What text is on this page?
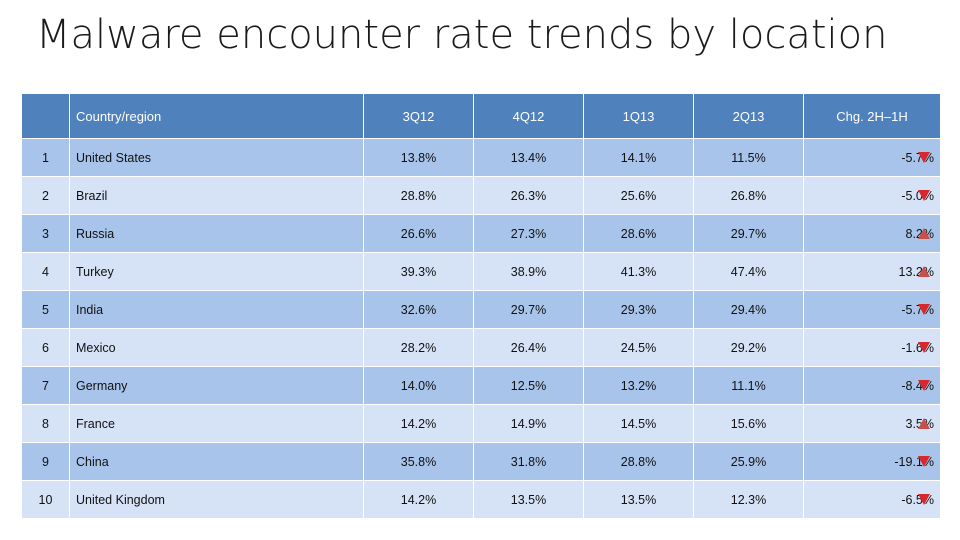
Malware encounter rate trends by location
	Country/region	3Q12	4Q12	1Q13	2Q13	Chg. 2H–1H
1	United States	13.8%	13.4%	14.1%	11.5%	-5.7%

2	Brazil	28.8%	26.3%	25.6%	26.8%	-5.0%

3	Russia	26.6%	27.3%	28.6%	29.7%	8.2%

4	Turkey	39.3%	38.9%	41.3%	47.4%	13.2%

5	India	32.6%	29.7%	29.3%	29.4%	-5.7%

6	Mexico	28.2%	26.4%	24.5%	29.2%	-1.6%

7	Germany	14.0%	12.5%	13.2%	11.1%	-8.4%

8	France	14.2%	14.9%	14.5%	15.6%	3.5%

9	China	35.8%	31.8%	28.8%	25.9%	-19.1%

10	United Kingdom	14.2%	13.5%	13.5%	12.3%	-6.5%
